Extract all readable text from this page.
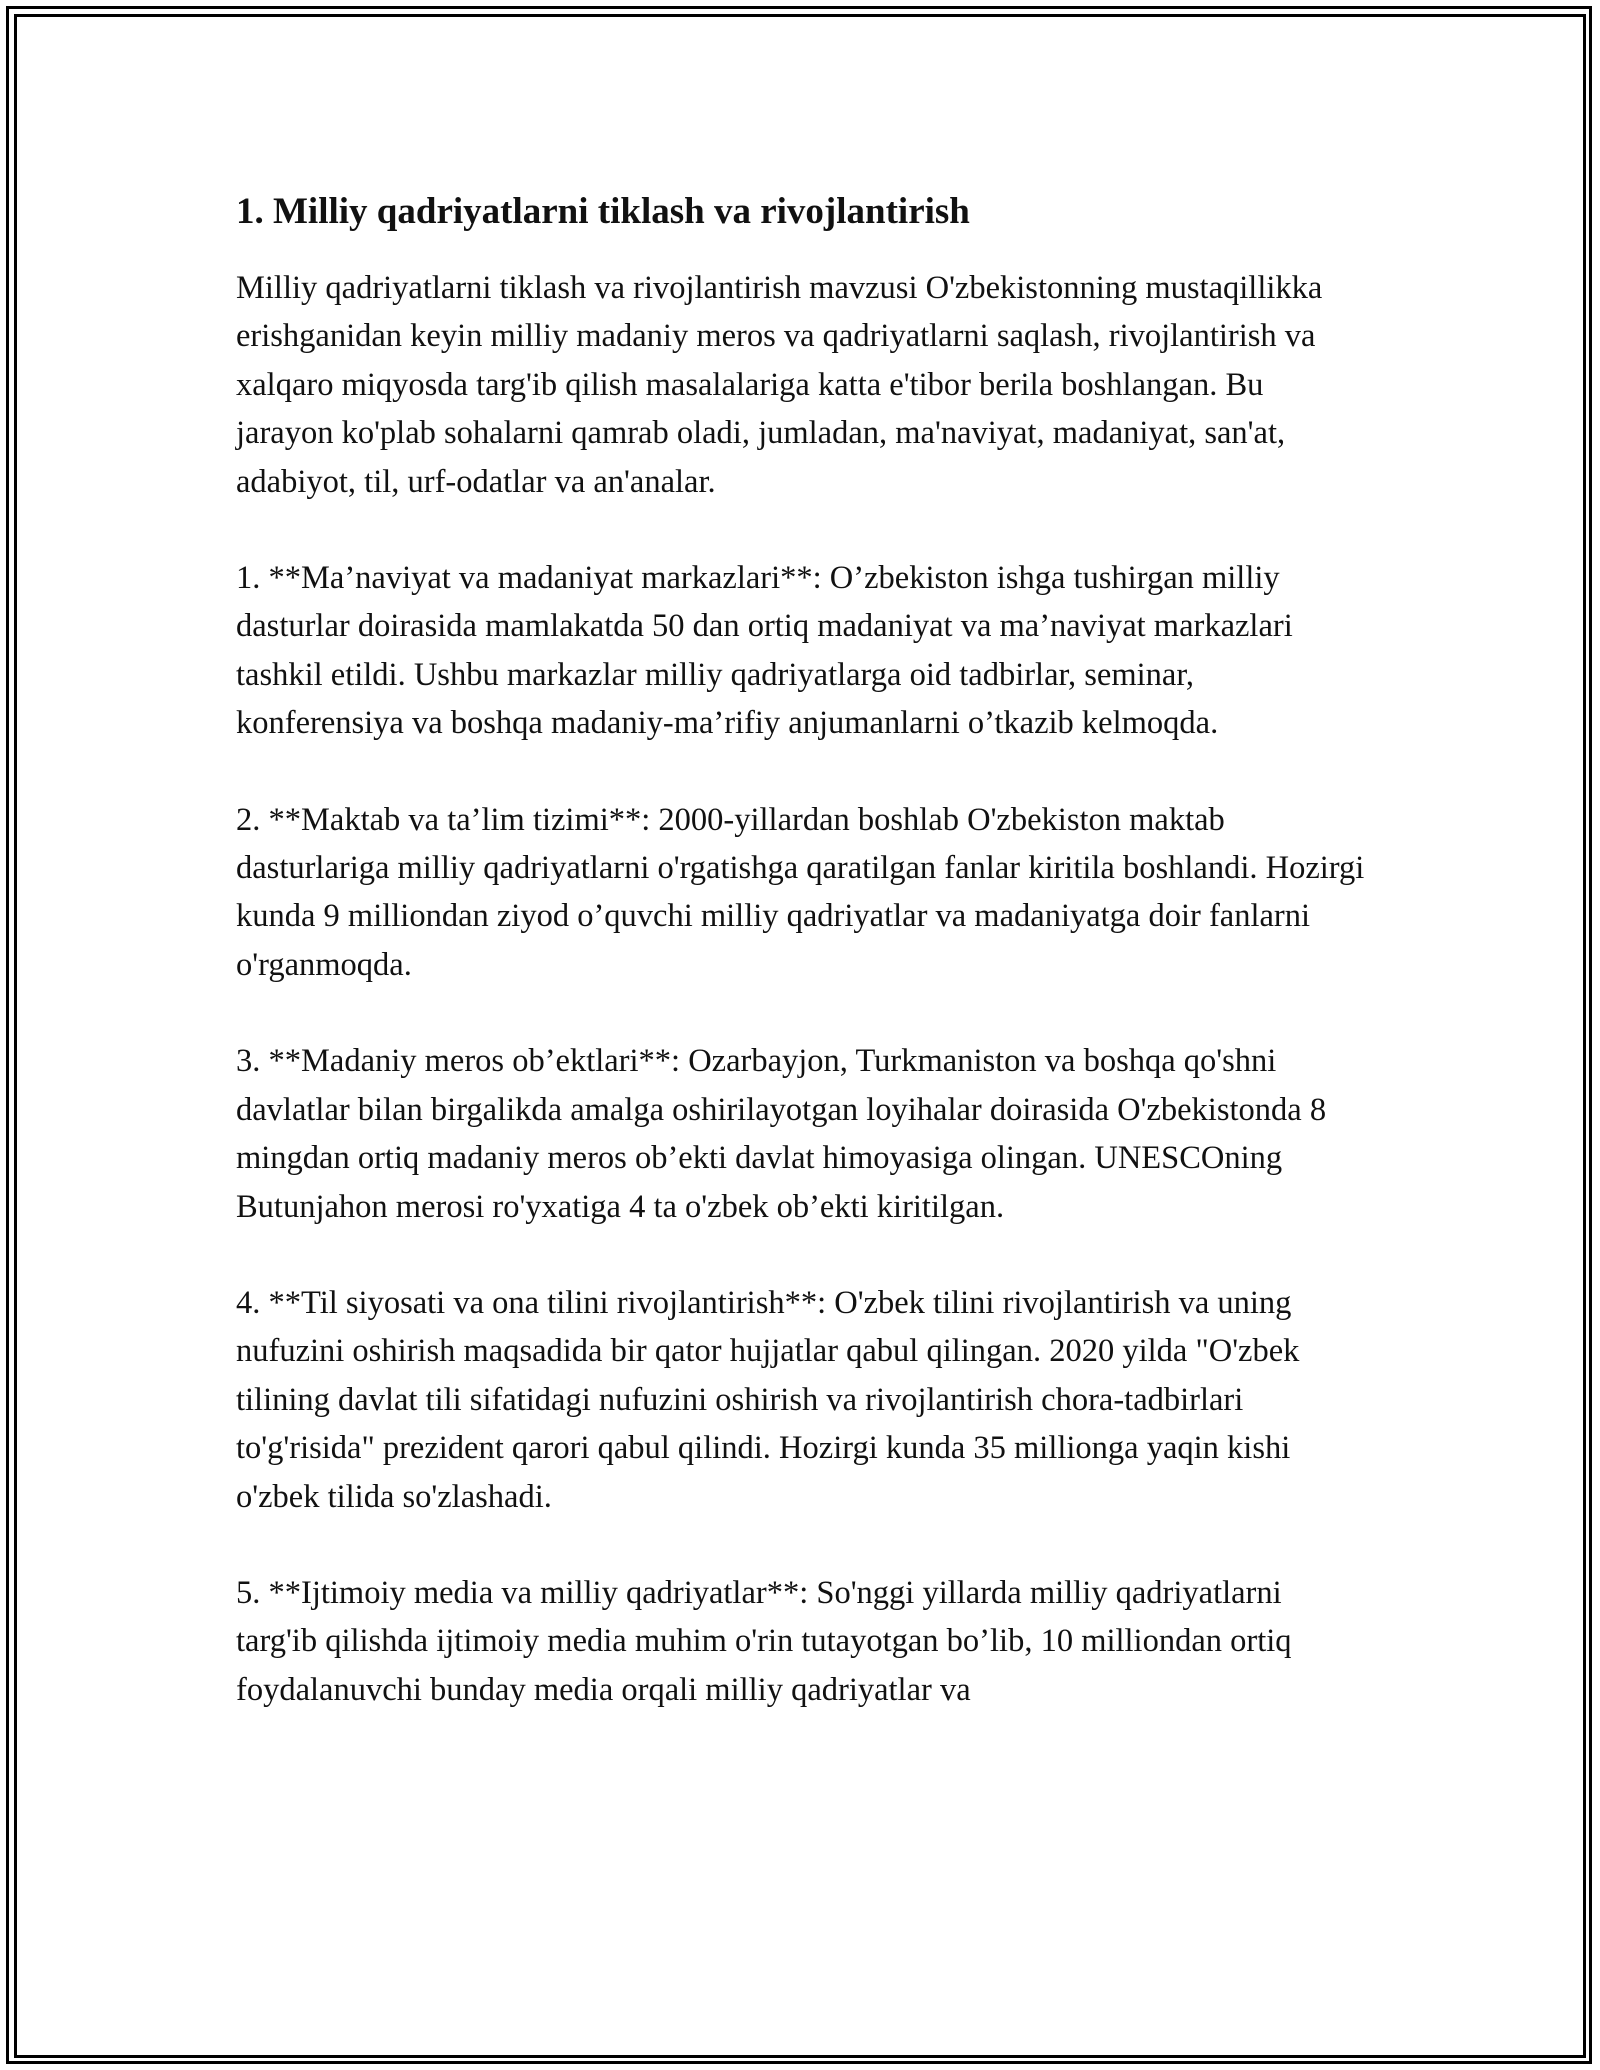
1. Milliy qadriyatlarni tiklash va rivojlantirish

Milliy qadriyatlarni tiklash va rivojlantirish mavzusi O'zbekistonning mustaqillikka erishganidan keyin milliy madaniy meros va qadriyatlarni saqlash, rivojlantirish va xalqaro miqyosda targ'ib qilish masalalariga katta e'tibor berila boshlangan. Bu jarayon ko'plab sohalarni qamrab oladi, jumladan, ma'naviyat, madaniyat, san'at, adabiyot, til, urf-odatlar va an'analar.

1. **Ma’naviyat va madaniyat markazlari**: O’zbekiston ishga tushirgan milliy dasturlar doirasida mamlakatda 50 dan ortiq madaniyat va ma’naviyat markazlari tashkil etildi. Ushbu markazlar milliy qadriyatlarga oid tadbirlar, seminar, konferensiya va boshqa madaniy-ma’rifiy anjumanlarni o’tkazib kelmoqda.

2. **Maktab va ta’lim tizimi**: 2000-yillardan boshlab O'zbekiston maktab dasturlariga milliy qadriyatlarni o'rgatishga qaratilgan fanlar kiritila boshlandi. Hozirgi kunda 9 milliondan ziyod o’quvchi milliy qadriyatlar va madaniyatga doir fanlarni o'rganmoqda.

3. **Madaniy meros ob’ektlari**: Ozarbayjon, Turkmaniston va boshqa qo'shni davlatlar bilan birgalikda amalga oshirilayotgan loyihalar doirasida O'zbekistonda 8 mingdan ortiq madaniy meros ob’ekti davlat himoyasiga olingan. UNESCOning Butunjahon merosi ro'yxatiga 4 ta o'zbek ob’ekti kiritilgan.

4. **Til siyosati va ona tilini rivojlantirish**: O'zbek tilini rivojlantirish va uning nufuzini oshirish maqsadida bir qator hujjatlar qabul qilingan. 2020 yilda "O'zbek tilining davlat tili sifatidagi nufuzini oshirish va rivojlantirish chora-tadbirlari to'g'risida" prezident qarori qabul qilindi. Hozirgi kunda 35 millionga yaqin kishi o'zbek tilida so'zlashadi.

5. **Ijtimoiy media va milliy qadriyatlar**: So'nggi yillarda milliy qadriyatlarni targ'ib qilishda ijtimoiy media muhim o'rin tutayotgan bo’lib, 10 milliondan ortiq foydalanuvchi bunday media orqali milliy qadriyatlar va
